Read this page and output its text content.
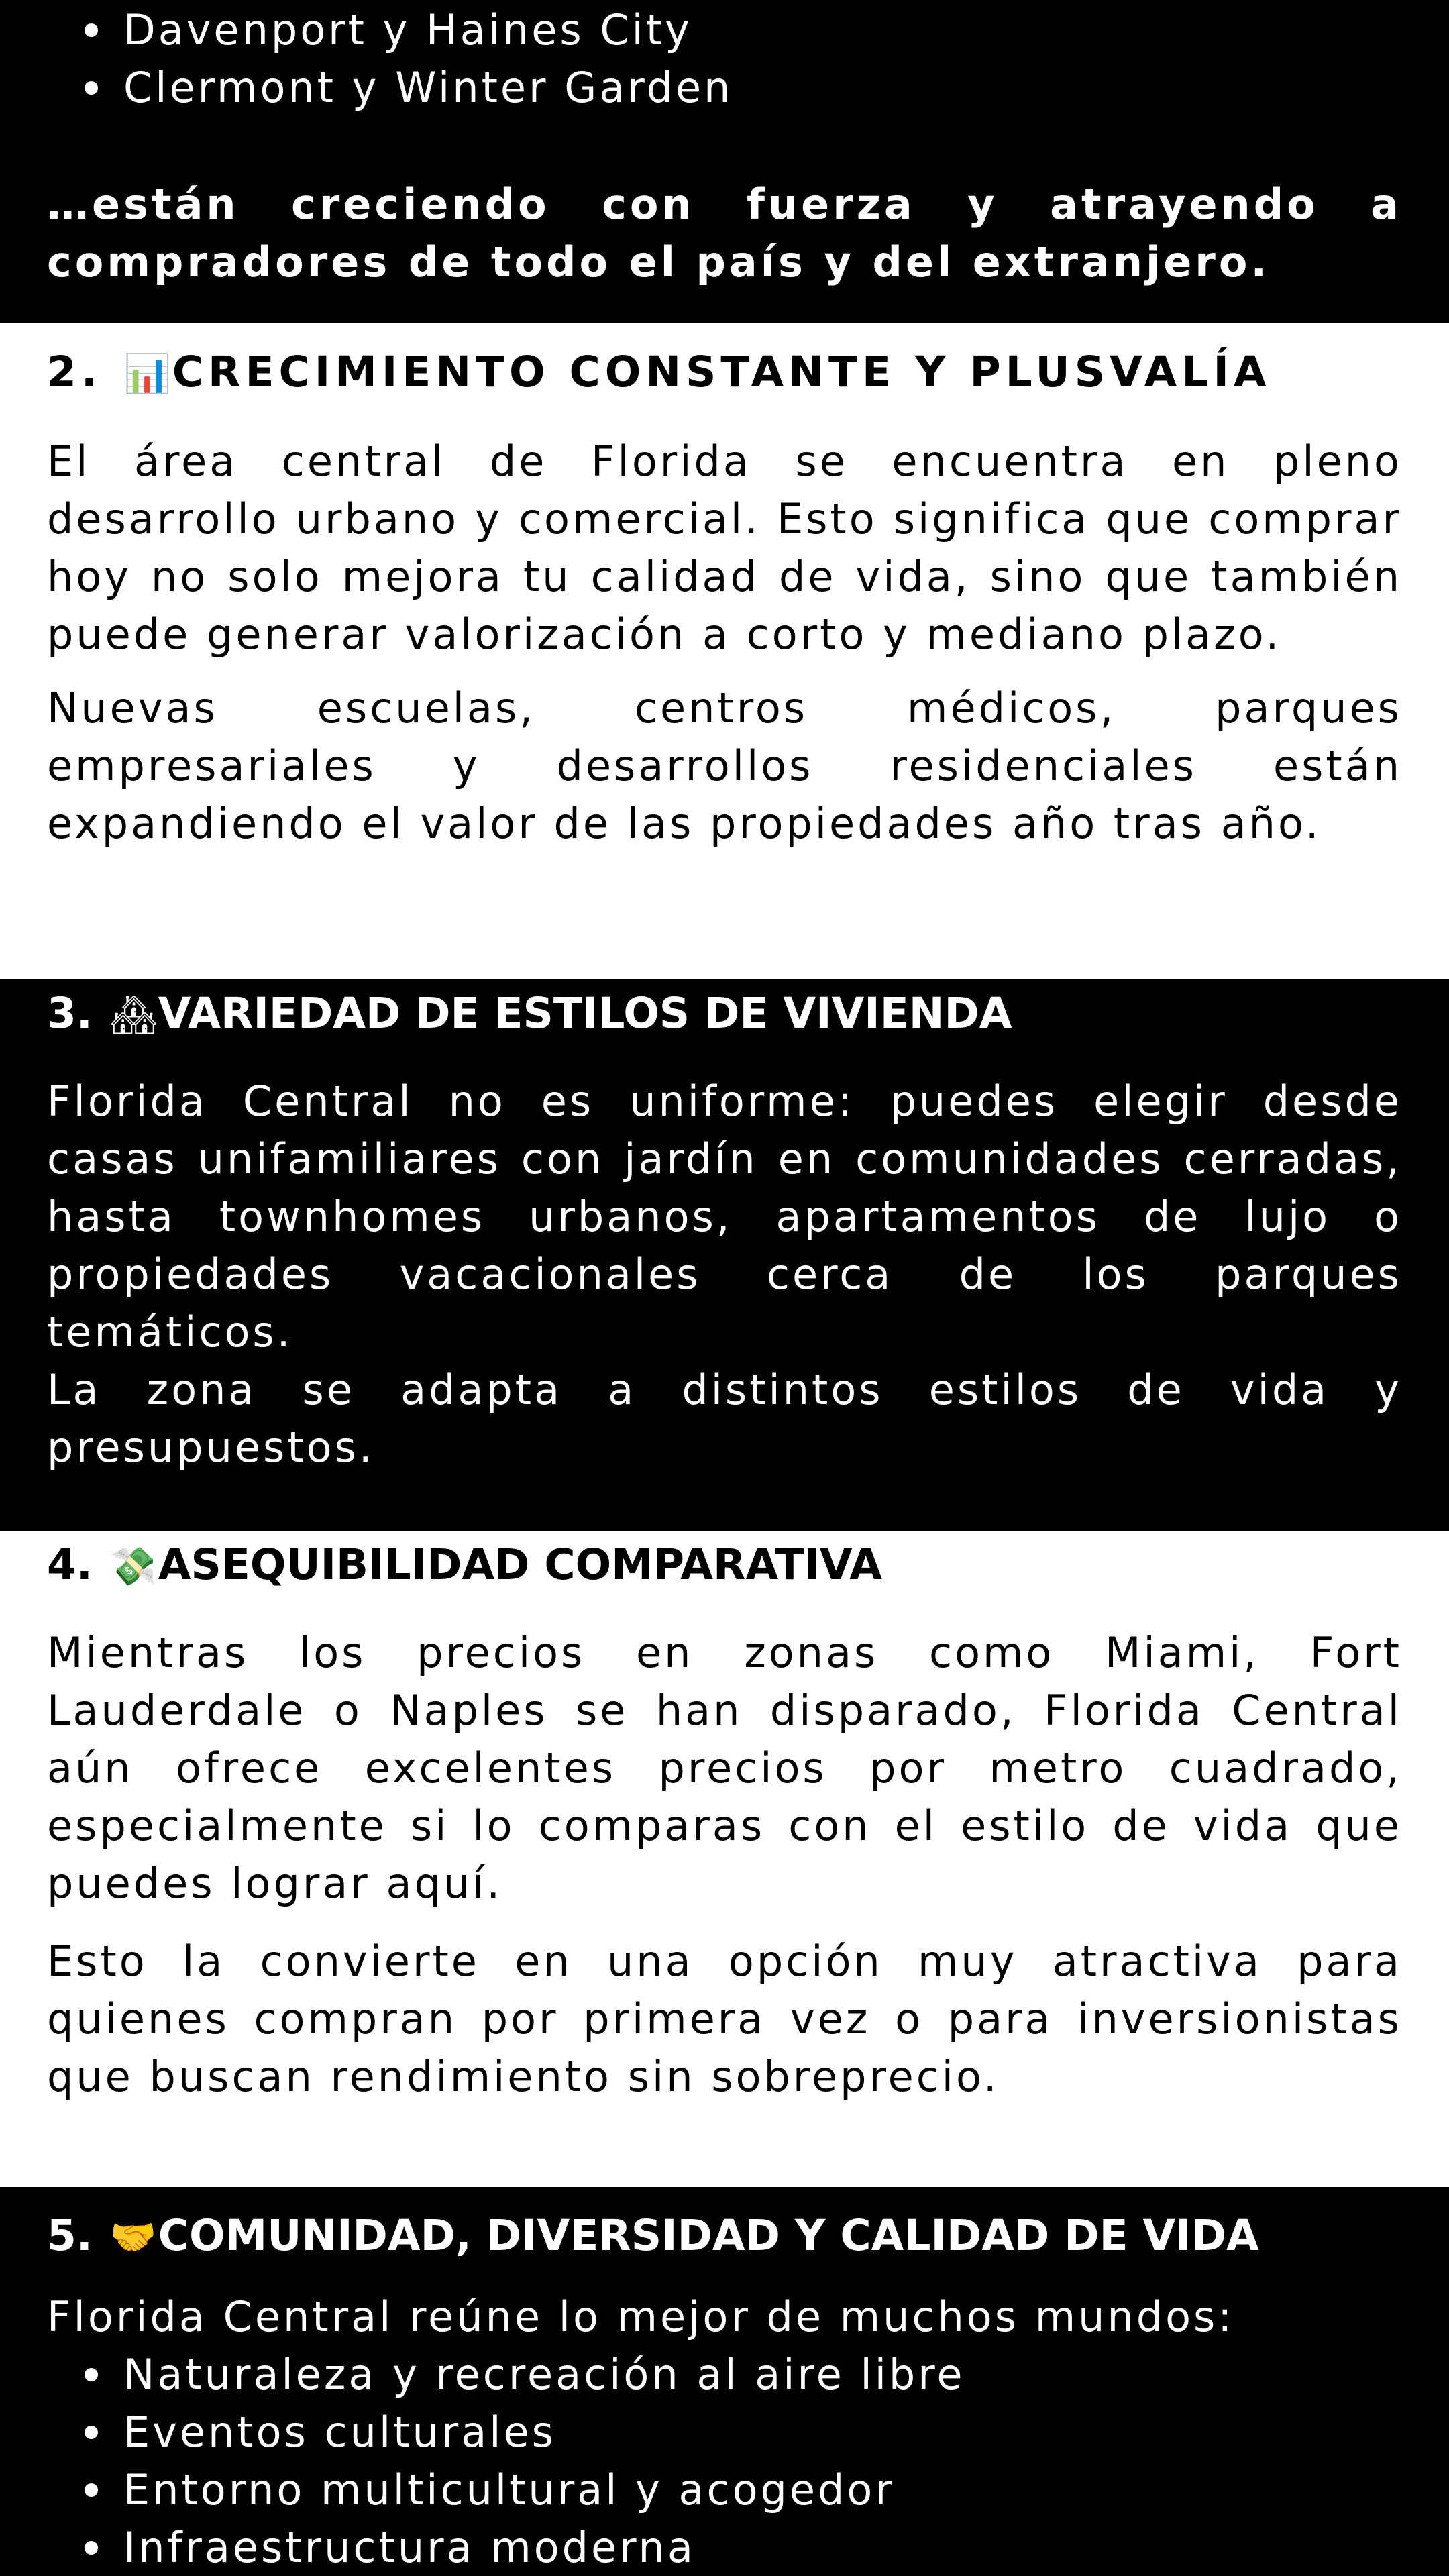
Davenport y Haines City
Clermont y Winter Garden

…están creciendo con fuerza y atrayendo a compradores de todo el país y del extranjero.

2. 📊CRECIMIENTO CONSTANTE Y PLUSVALÍA

El área central de Florida se encuentra en pleno desarrollo urbano y comercial. Esto significa que comprar hoy no solo mejora tu calidad de vida, sino que también puede generar valorización a corto y mediano plazo.

Nuevas escuelas, centros médicos, parques empresariales y desarrollos residenciales están expandiendo el valor de las propiedades año tras año.

3. 🏘VARIEDAD DE ESTILOS DE VIVIENDA

Florida Central no es uniforme: puedes elegir desde casas unifamiliares con jardín en comunidades cerradas, hasta townhomes urbanos, apartamentos de lujo o propiedades vacacionales cerca de los parques temáticos.

La zona se adapta a distintos estilos de vida y presupuestos.

4. 💸ASEQUIBILIDAD COMPARATIVA

Mientras los precios en zonas como Miami, Fort Lauderdale o Naples se han disparado, Florida Central aún ofrece excelentes precios por metro cuadrado, especialmente si lo comparas con el estilo de vida que puedes lograr aquí.

Esto la convierte en una opción muy atractiva para quienes compran por primera vez o para inversionistas que buscan rendimiento sin sobreprecio.

5. 🤝COMUNIDAD, DIVERSIDAD Y CALIDAD DE VIDA

Florida Central reúne lo mejor de muchos mundos:

Naturaleza y recreación al aire libre
Eventos culturales
Entorno multicultural y acogedor
Infraestructura moderna
